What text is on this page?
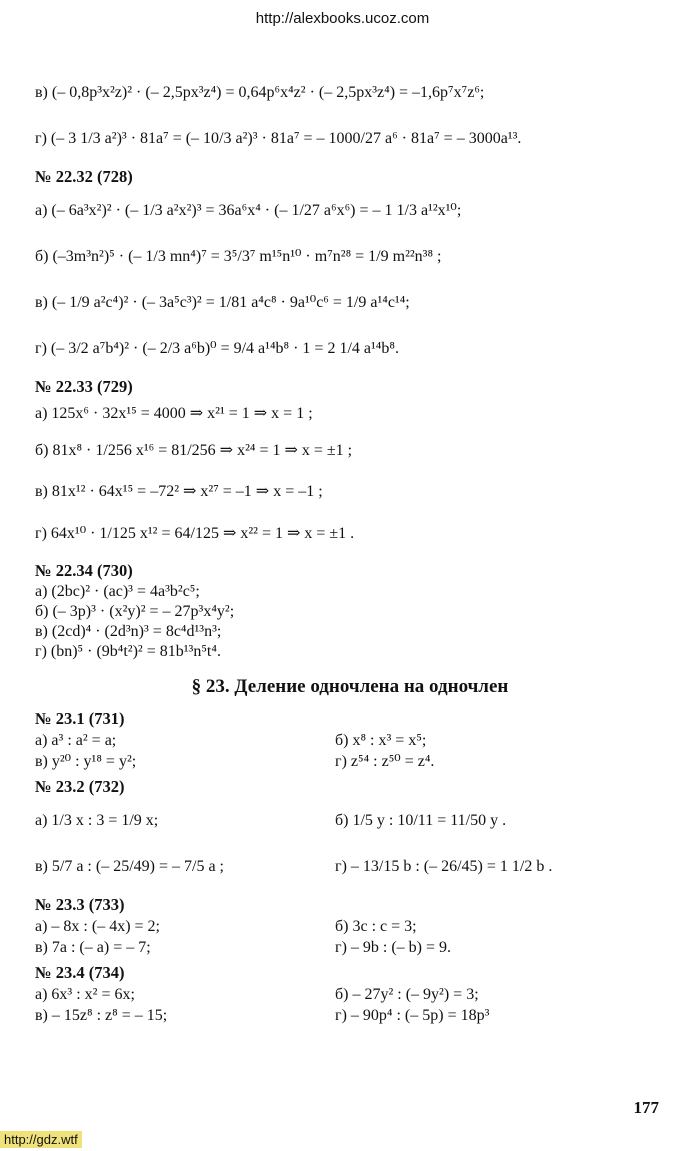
http://alexbooks.ucoz.com
в) (– 0,8p³x²z)² · (– 2,5px³z⁴) = 0,64p⁶x⁴z² · (– 2,5px³z⁴) = –1,6p⁷x⁷z⁶;
г) (– 3 1/3 a²)³ · 81a⁷ = (– 10/3 a²)³ · 81a⁷ = – 1000/27 a⁶ · 81a⁷ = – 3000a¹³.
№ 22.32 (728)
а) (– 6a³x²)² · (– 1/3 a²x²)³ = 36a⁶x⁴ · (– 1/27 a⁶x⁶) = – 1 1/3 a¹²x¹⁰;
б) (–3m³n²)⁵ · (– 1/3 mn⁴)⁷ = 3⁵/3⁷ m¹⁵n¹⁰ · m⁷n²⁸ = 1/9 m²²n³⁸ ;
в) (– 1/9 a²c⁴)² · (– 3a⁵c³)² = 1/81 a⁴c⁸ · 9a¹⁰c⁶ = 1/9 a¹⁴c¹⁴;
г) (– 3/2 a⁷b⁴)² · (– 2/3 a⁶b)⁰ = 9/4 a¹⁴b⁸ · 1 = 2 1/4 a¹⁴b⁸.
№ 22.33 (729)
а) 125x⁶ · 32x¹⁵ = 4000 ⇒ x²¹ = 1 ⇒ x = 1 ;
б) 81x⁸ · 1/256 x¹⁶ = 81/256 ⇒ x²⁴ = 1 ⇒ x = ±1 ;
в) 81x¹² · 64x¹⁵ = –72² ⇒ x²⁷ = –1 ⇒ x = –1 ;
г) 64x¹⁰ · 1/125 x¹² = 64/125 ⇒ x²² = 1 ⇒ x = ±1 .
№ 22.34 (730)
а) (2bc)² · (ac)³ = 4a³b²c⁵;
б) (– 3p)³ · (x²y)² = – 27p³x⁴y²;
в) (2cd)⁴ · (2d³n)³ = 8c⁴d¹³n³;
г) (bn)⁵ · (9b⁴t²)² = 81b¹³n⁵t⁴.
§ 23. Деление одночлена на одночлен
№ 23.1 (731)
а) a³ : a² = a;	б) x⁸ : x³ = x⁵;
в) y²⁰ : y¹⁸ = y²;	г) z⁵⁴ : z⁵⁰ = z⁴.
№ 23.2 (732)
а) 1/3 x : 3 = 1/9 x;	б) 1/5 y : 10/11 = 11/50 y .
в) 5/7 a : (– 25/49) = – 7/5 a ;	г) – 13/15 b : (– 26/45) = 1 1/2 b .
№ 23.3 (733)
а) – 8x : (– 4x) = 2;	б) 3c : c = 3;
в) 7a : (– a) = – 7;	г) – 9b : (– b) = 9.
№ 23.4 (734)
а) 6x³ : x² = 6x;	б) – 27y² : (– 9y²) = 3;
в) – 15z⁸ : z⁸ = – 15;	г) – 90p⁴ : (– 5p) = 18p³
177
http://gdz.wtf
